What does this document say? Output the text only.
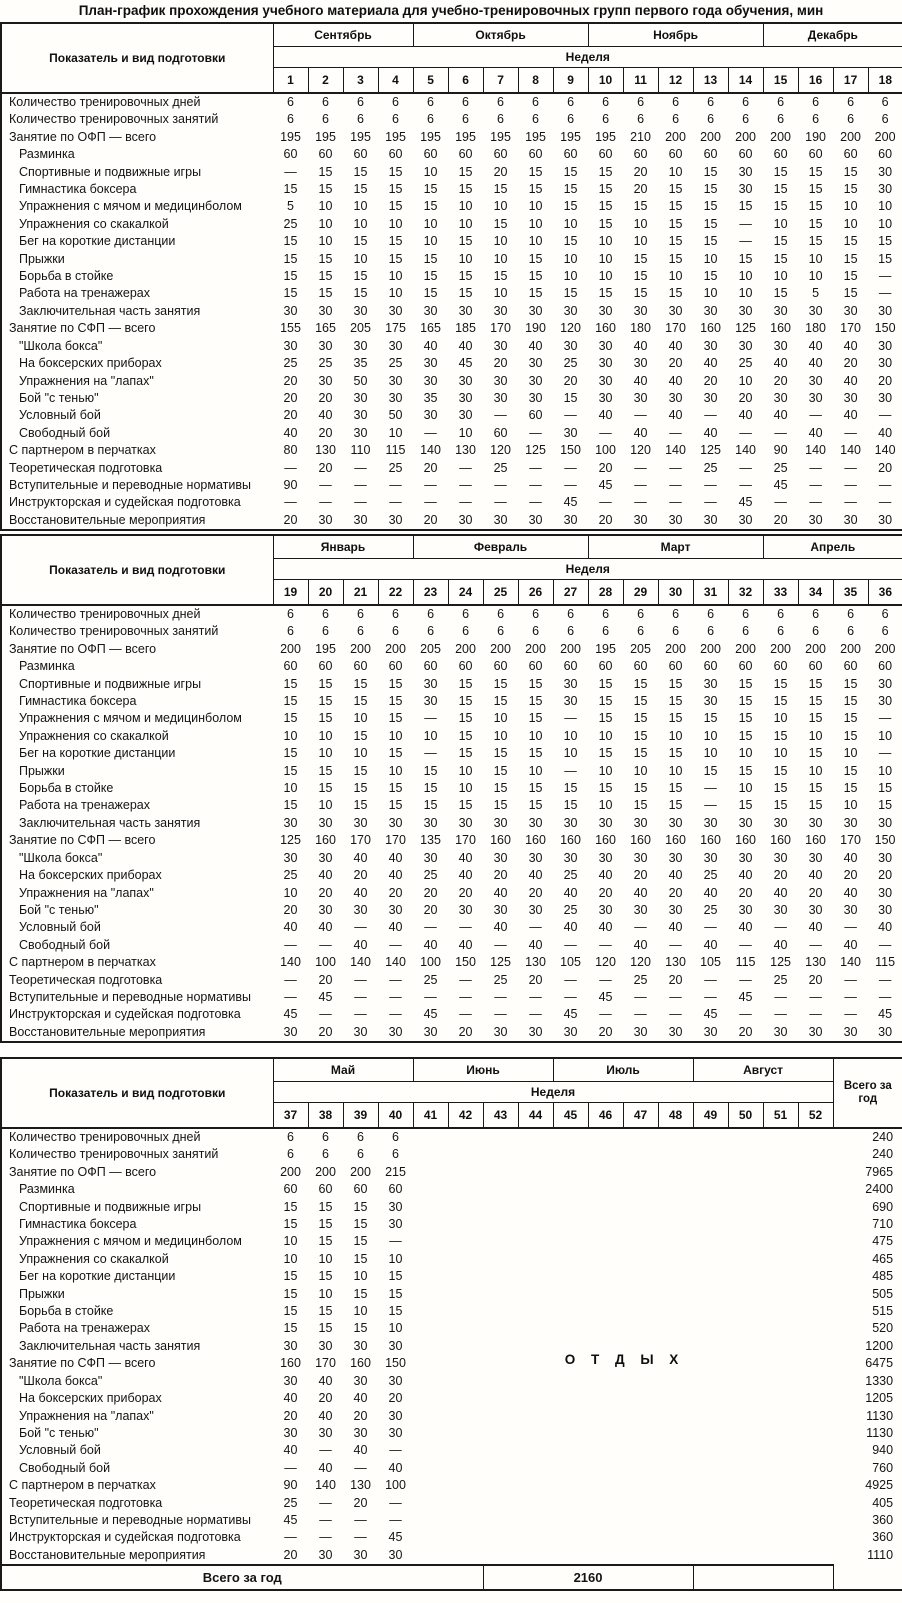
План-график прохождения учебного материала для учебно-тренировочных групп первого года обучения, мин
Показатель и вид подготовки	Сентябрь				Октябрь					Ноябрь					Декабрь			
	Неделя																	
	1	2	3	4	5	6	7	8	9	10	11	12	13	14	15	16	17	18
Количество тренировочных дней	6	6	6	6	6	6	6	6	6	6	6	6	6	6	6	6	6	6
Количество тренировочных занятий	6	6	6	6	6	6	6	6	6	6	6	6	6	6	6	6	6	6
Занятие по ОФП — всего	195	195	195	195	195	195	195	195	195	195	210	200	200	200	200	190	200	200
Разминка	60	60	60	60	60	60	60	60	60	60	60	60	60	60	60	60	60	60
Спортивные и подвижные игры	—	15	15	15	10	15	20	15	15	15	20	10	15	30	15	15	15	30
Гимнастика боксера	15	15	15	15	15	15	15	15	15	15	20	15	15	30	15	15	15	30
Упражнения с мячом и медицинболом	5	10	10	15	15	10	10	10	15	15	15	15	15	15	15	15	10	10
Упражнения со скакалкой	25	10	10	10	10	10	15	10	10	15	10	15	15	—	10	15	10	10
Бег на короткие дистанции	15	10	15	15	10	15	10	10	15	10	10	15	15	—	15	15	15	15
Прыжки	15	15	10	15	15	10	10	15	10	10	15	15	10	15	15	10	15	15
Борьба в стойке	15	15	15	10	15	15	15	15	10	10	15	10	15	10	10	10	15	—
Работа на тренажерах	15	15	15	10	15	15	10	15	15	15	15	15	10	10	15	5	15	—
Заключительная часть занятия	30	30	30	30	30	30	30	30	30	30	30	30	30	30	30	30	30	30
Занятие по СФП — всего	155	165	205	175	165	185	170	190	120	160	180	170	160	125	160	180	170	150
"Школа бокса"	30	30	30	30	40	40	30	40	30	30	40	40	30	30	30	40	40	30
На боксерских приборах	25	25	35	25	30	45	20	30	25	30	30	20	40	25	40	40	20	30
Упражнения на "лапах"	20	30	50	30	30	30	30	30	20	30	40	40	20	10	20	30	40	20
Бой "с тенью"	20	20	30	30	35	30	30	30	15	30	30	30	30	20	30	30	30	30
Условный бой	20	40	30	50	30	30	—	60	—	40	—	40	—	40	40	—	40	—
Свободный бой	40	20	30	10	—	10	60	—	30	—	40	—	40	—	—	40	—	40
С партнером в перчатках	80	130	110	115	140	130	120	125	150	100	120	140	125	140	90	140	140	140
Теоретическая подготовка	—	20	—	25	20	—	25	—	—	20	—	—	25	—	25	—	—	20
Вступительные и переводные нормативы	90	—	—	—	—	—	—	—	—	45	—	—	—	—	45	—	—	—
Инструкторская и судейская подготовка	—	—	—	—	—	—	—	—	45	—	—	—	—	45	—	—	—	—
Восстановительные мероприятия	20	30	30	30	20	30	30	30	30	20	30	30	30	30	20	30	30	30
Показатель и вид подготовки	Январь				Февраль					Март					Апрель			
	Неделя																	
	19	20	21	22	23	24	25	26	27	28	29	30	31	32	33	34	35	36
Количество тренировочных дней	6	6	6	6	6	6	6	6	6	6	6	6	6	6	6	6	6	6
Количество тренировочных занятий	6	6	6	6	6	6	6	6	6	6	6	6	6	6	6	6	6	6
Занятие по ОФП — всего	200	195	200	200	205	200	200	200	200	195	205	200	200	200	200	200	200	200
Разминка	60	60	60	60	60	60	60	60	60	60	60	60	60	60	60	60	60	60
Спортивные и подвижные игры	15	15	15	15	30	15	15	15	30	15	15	15	30	15	15	15	15	30
Гимнастика боксера	15	15	15	15	30	15	15	15	30	15	15	15	30	15	15	15	15	30
Упражнения с мячом и медицинболом	15	15	10	15	—	15	10	15	—	15	15	15	15	15	10	15	15	—
Упражнения со скакалкой	10	10	15	10	10	15	10	10	10	10	15	10	10	15	15	10	15	10
Бег на короткие дистанции	15	10	10	15	—	15	15	15	10	15	15	15	10	10	10	15	10	—
Прыжки	15	15	15	10	15	10	15	10	—	10	10	10	15	15	15	10	15	10
Борьба в стойке	10	15	15	15	15	10	15	15	15	15	15	15	—	10	15	15	15	15
Работа на тренажерах	15	10	15	15	15	15	15	15	15	10	15	15	—	15	15	15	10	15
Заключительная часть занятия	30	30	30	30	30	30	30	30	30	30	30	30	30	30	30	30	30	30
Занятие по СФП — всего	125	160	170	170	135	170	160	160	160	160	160	160	160	160	160	160	170	150
"Школа бокса"	30	30	40	40	30	40	30	30	30	30	30	30	30	30	30	30	40	30
На боксерских приборах	25	40	20	40	25	40	20	40	25	40	20	40	25	40	20	40	20	20
Упражнения на "лапах"	10	20	40	20	20	20	40	20	40	20	40	20	40	20	40	20	40	30
Бой "с тенью"	20	30	30	30	20	30	30	30	25	30	30	30	25	30	30	30	30	30
Условный бой	40	40	—	40	—	—	40	—	40	40	—	40	—	40	—	40	—	40
Свободный бой	—	—	40	—	40	40	—	40	—	—	40	—	40	—	40	—	40	—
С партнером в перчатках	140	100	140	140	100	150	125	130	105	120	120	130	105	115	125	130	140	115
Теоретическая подготовка	—	20	—	—	25	—	25	20	—	—	25	20	—	—	25	20	—	—
Вступительные и переводные нормативы	—	45	—	—	—	—	—	—	—	45	—	—	—	45	—	—	—	—
Инструкторская и судейская подготовка	45	—	—	—	45	—	—	—	45	—	—	—	45	—	—	—	—	45
Восстановительные мероприятия	30	20	30	30	30	20	30	30	30	20	30	30	30	20	30	30	30	30
Показатель и вид подготовки	Май				Июнь				Июль				Август				Всего за год
	Неделя																
	37	38	39	40	41	42	43	44	45	46	47	48	49	50	51	52	
Количество тренировочных дней	6	6	6	6													240
Количество тренировочных занятий	6	6	6	6													240
Занятие по ОФП — всего	200	200	200	215													7965
Разминка	60	60	60	60													2400
Спортивные и подвижные игры	15	15	15	30													690
Гимнастика боксера	15	15	15	30													710
Упражнения с мячом и медицинболом	10	15	15	—													475
Упражнения со скакалкой	10	10	15	10													465
Бег на короткие дистанции	15	15	10	15													485
Прыжки	15	10	15	15													505
Борьба в стойке	15	15	10	15													515
Работа на тренажерах	15	15	15	10													520
Заключительная часть занятия	30	30	30	30													1200
Занятие по СФП — всего	160	170	160	150													6475
"Школа бокса"	30	40	30	30													1330
На боксерских приборах	40	20	40	20													1205
Упражнения на "лапах"	20	40	20	30													1130
Бой "с тенью"	30	30	30	30													1130
Условный бой	40	—	40	—													940
Свободный бой	—	40	—	40													760
С партнером в перчатках	90	140	130	100													4925
Теоретическая подготовка	25	—	20	—													405
Вступительные и переводные нормативы	45	—	—	—													360
Инструкторская и судейская подготовка	—	—	—	45													360
Восстановительные мероприятия	20	30	30	30													1110
Всего за год							2160										
О Т Д Ы Х
